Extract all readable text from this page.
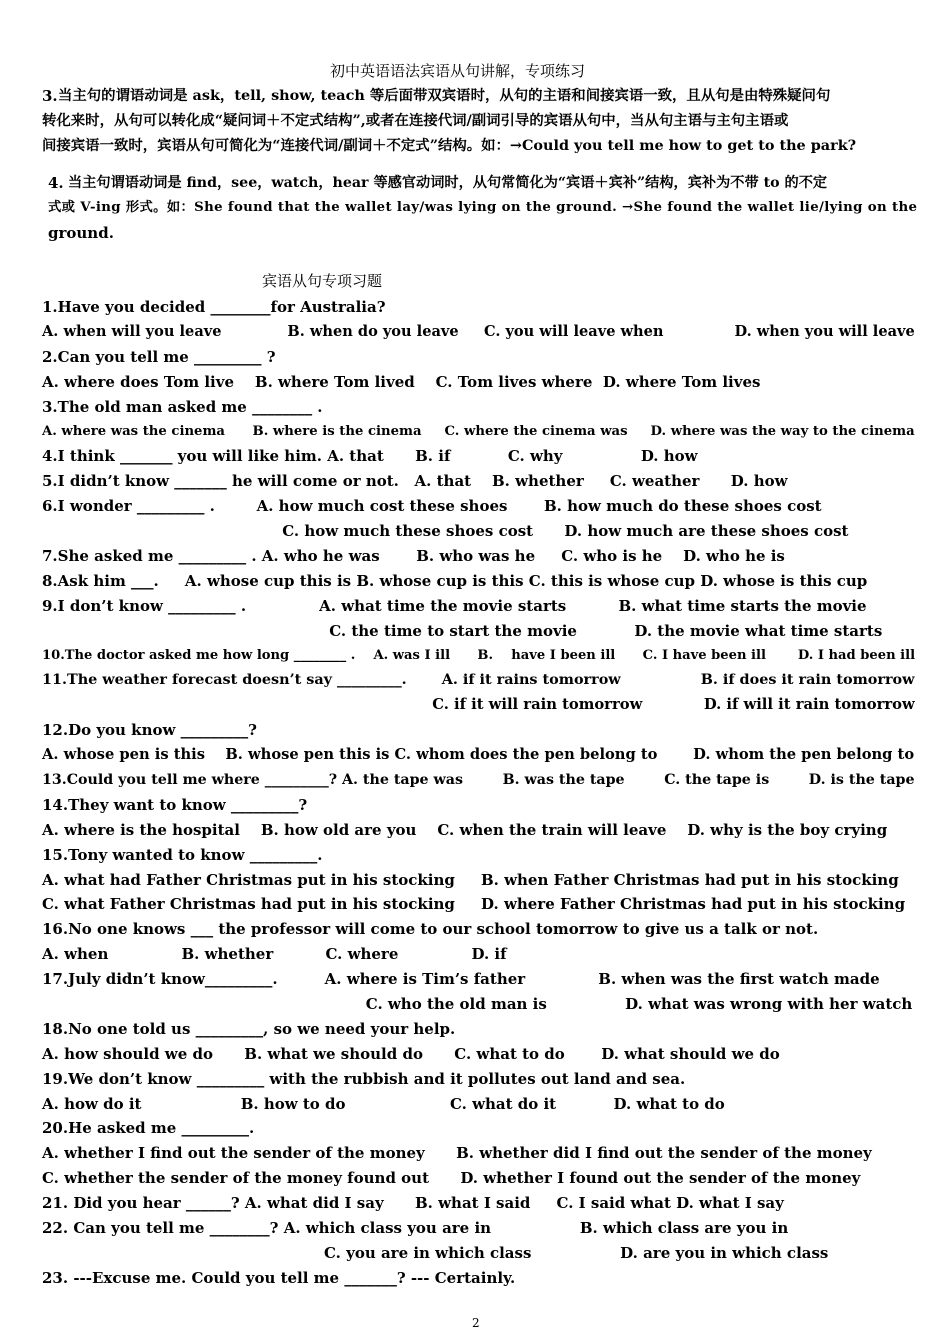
初中英语语法宾语从句讲解，专项练习
3. 当主句的谓语动词是 ask，tell, show, teach 等后面带双宾语时，从句的主语和间接宾语一致，且从句是由特殊疑问句
转化来时，从句可以转化成“疑问词＋不定式结构”,或者在连接代词/副词引导的宾语从句中，当从句主语与主句主语或
间接宾语一致时，宾语从句可简化为“连接代词/副词＋不定式”结构。如：→Could you tell me how to get to the park?
4. 当主句谓语动词是 find，see，watch，hear 等感官动词时，从句常简化为“宾语＋宾补”结构，宾补为不带 to 的不定
式或 V-ing 形式。如：She found that the wallet lay/was lying on the ground. →She found the wallet lie/lying on the
ground.
宾语从句专项习题
1.Have you decided ________for Australia?
A. when will you leave             B. when do you leave     C. you will leave when              D. when you will leave
2.Can you tell me _________ ?
A. where does Tom live    B. where Tom lived    C. Tom lives where  D. where Tom lives
3.The old man asked me ________ .
A. where was the cinema      B. where is the cinema     C. where the cinema was     D. where was the way to the cinema
4.I think _______ you will like him. A. that      B. if           C. why               D. how
5.I didn’t know _______ he will come or not.   A. that    B. whether     C. weather      D. how
6.I wonder _________ .        A. how much cost these shoes       B. how much do these shoes cost
C. how much these shoes cost      D. how much are these shoes cost
7.She asked me _________ . A. who he was       B. who was he     C. who is he    D. who he is
8.Ask him ___.     A. whose cup this is B. whose cup is this C. this is whose cup D. whose is this cup
9.I don’t know _________ .              A. what time the movie starts          B. what time starts the movie
C. the time to start the movie           D. the movie what time starts
10.The doctor asked me how long ________ .    A. was I ill      B.    have I been ill      C. I have been ill       D. I had been ill
11.The weather forecast doesn’t say _________.       A. if it rains tomorrow                B. if does it rain tomorrow
C. if it will rain tomorrow            D. if will it rain tomorrow
12.Do you know _________?
A. whose pen is this    B. whose pen this is C. whom does the pen belong to       D. whom the pen belong to
13.Could you tell me where _________? A. the tape was        B. was the tape        C. the tape is        D. is the tape
14.They want to know _________?
A. where is the hospital    B. how old are you    C. when the train will leave    D. why is the boy crying
15.Tony wanted to know _________.
A. what had Father Christmas put in his stocking     B. when Father Christmas had put in his stocking
C. what Father Christmas had put in his stocking     D. where Father Christmas had put in his stocking
16.No one knows ___ the professor will come to our school tomorrow to give us a talk or not.
A. when              B. whether          C. where              D. if
17.July didn’t know_________.         A. where is Tim’s father              B. when was the first watch made
C. who the old man is               D. what was wrong with her watch
18.No one told us _________, so we need your help.
A. how should we do      B. what we should do      C. what to do       D. what should we do
19.We don’t know _________ with the rubbish and it pollutes out land and sea.
A. how do it                   B. how to do                    C. what do it           D. what to do
20.He asked me _________.
A. whether I find out the sender of the money      B. whether did I find out the sender of the money
C. whether the sender of the money found out      D. whether I found out the sender of the money
21. Did you hear ______? A. what did I say      B. what I said     C. I said what D. what I say
22. Can you tell me ________? A. which class you are in                 B. which class are you in
C. you are in which class                 D. are you in which class
23. ---Excuse me. Could you tell me _______? --- Certainly.
2
